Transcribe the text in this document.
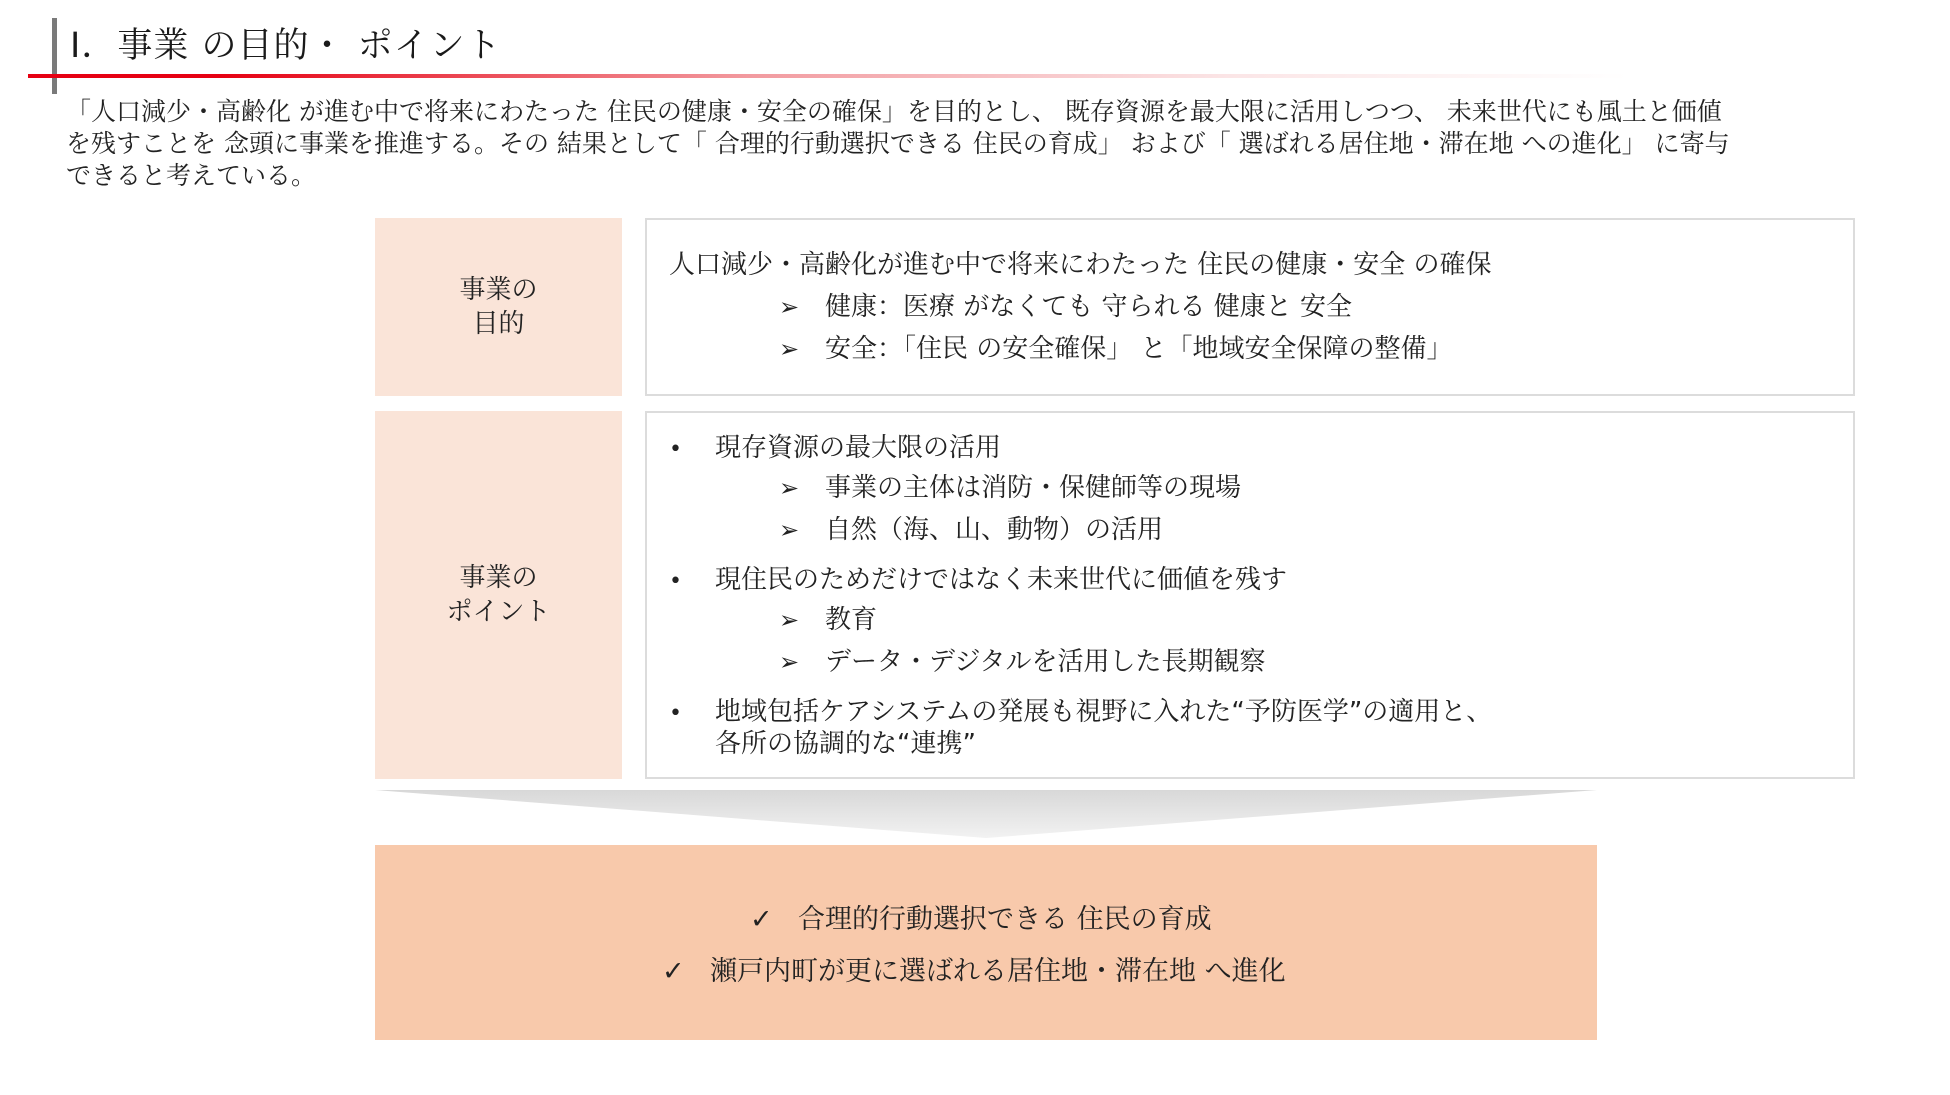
Ⅰ．事業 の目的・ ポイント
「人口減少・高齢化 が進む中で将来にわたった 住民の健康・安全の確保」を目的とし、 既存資源を最大限に活用しつつ、 未来世代にも風土と価値
を残すことを 念頭に事業を推進する。その 結果として「 合理的行動選択できる 住民の育成」 および「 選ばれる居住地・滞在地 への進化」 に寄与
できると考えている。
事業の
目的
人口減少・高齢化が進む中で将来にわたった 住民の健康・安全 の確保
➢ 健康：医療 がなくても 守られる 健康と 安全
➢ 安全：「住民 の安全確保」 と「地域安全保障の整備」
事業の
ポイント
• 現存資源の最大限の活用
➢ 事業の主体は消防・保健師等の現場
➢ 自然（海、山、動物）の活用
• 現住民のためだけではなく未来世代に価値を残す
➢ 教育
➢ データ・デジタルを活用した長期観察
• 地域包括ケアシステムの発展も視野に入れた“予防医学”の適用と、
各所の協調的な“連携”
✓ 合理的行動選択できる 住民の育成
✓ 瀬戸内町が更に選ばれる居住地・滞在地 へ進化
